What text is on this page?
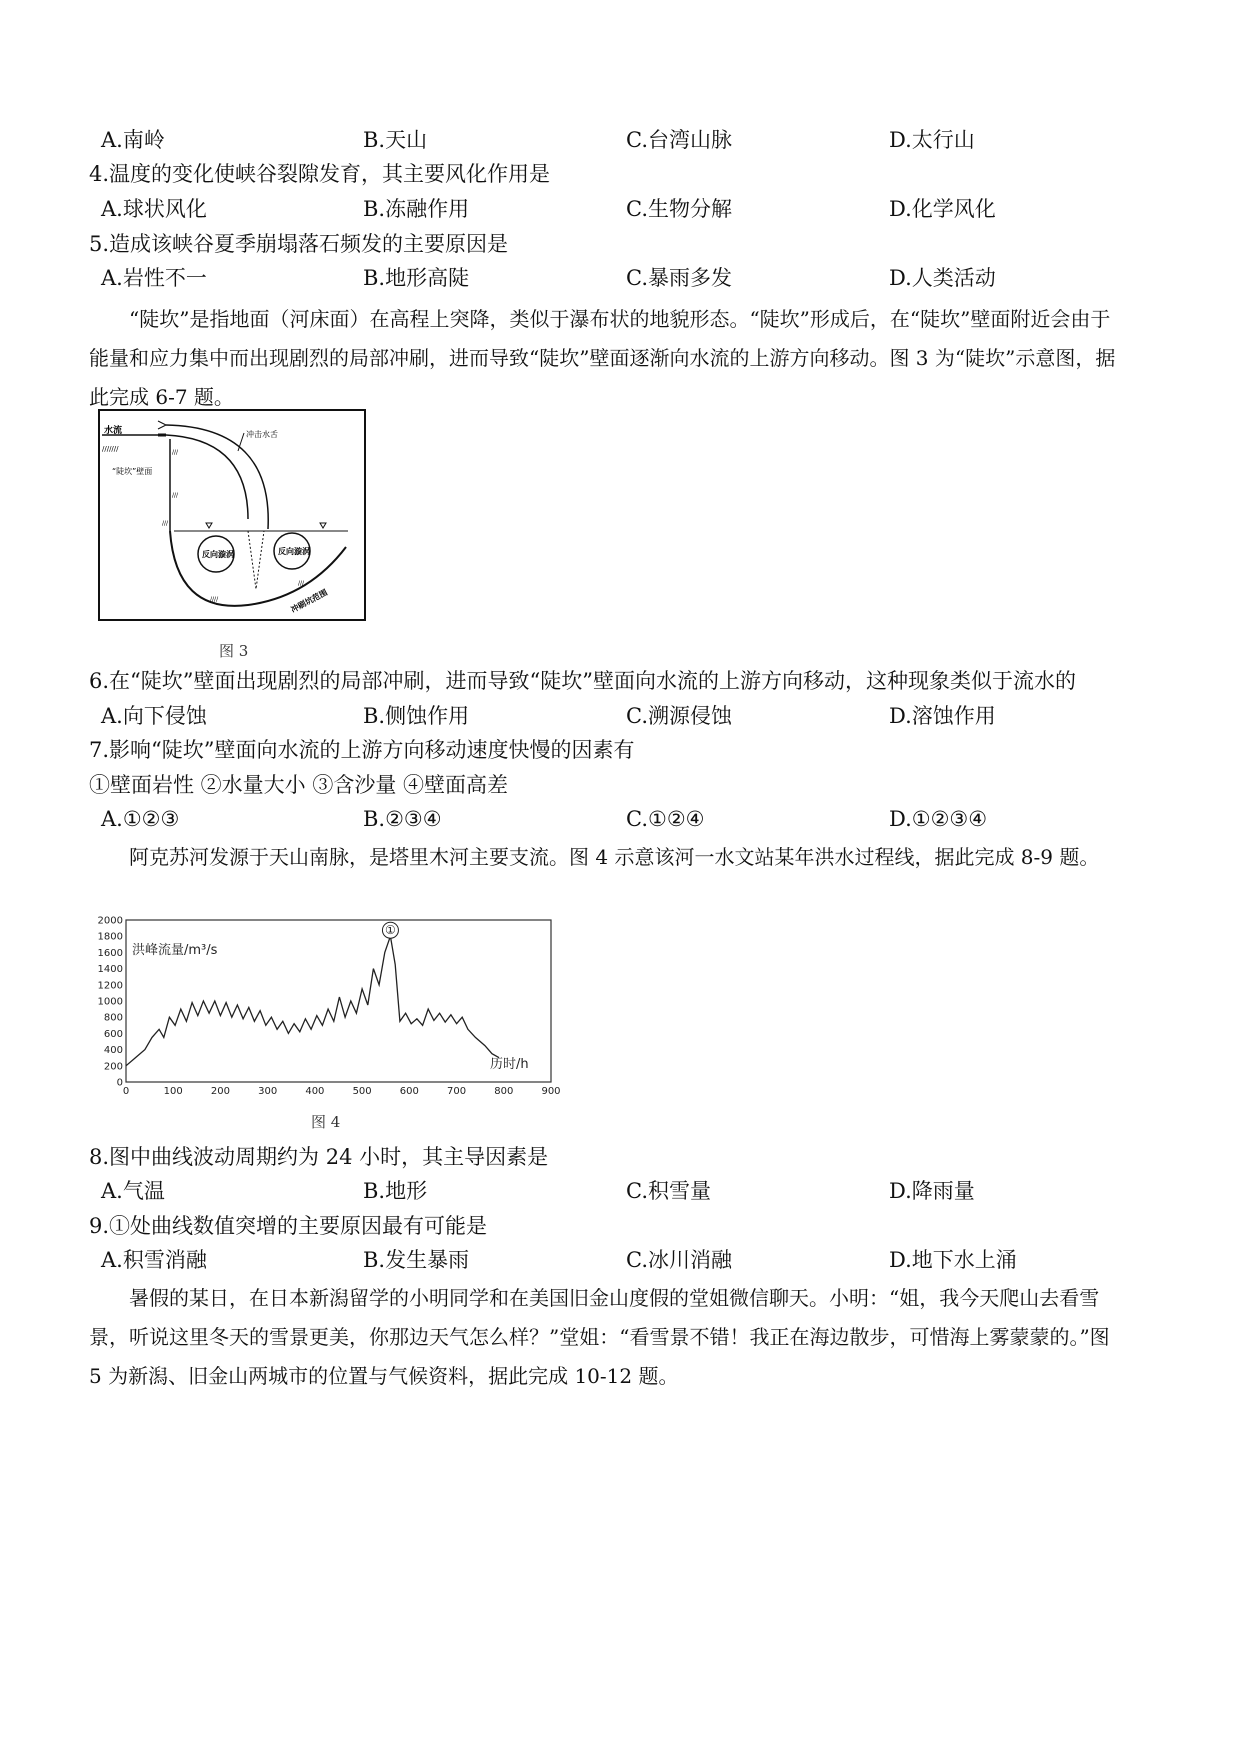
A.南岭	B.天山	C.台湾山脉	D.太行山
4.温度的变化使峡谷裂隙发育，其主要风化作用是
A.球状风化	B.冻融作用	C.生物分解	D.化学风化
5.造成该峡谷夏季崩塌落石频发的主要原因是
A.岩性不一	B.地形高陡	C.暴雨多发	D.人类活动
“陡坎”是指地面（河床面）在高程上突降，类似于瀑布状的地貌形态。“陡坎”形成后，在“陡坎”壁面附近会由于能量和应力集中而出现剧烈的局部冲刷，进而导致“陡坎”壁面逐渐向水流的上游方向移动。图 3 为“陡坎”示意图，据此完成 6-7 题。
水流
///////
冲击水舌
///
///
///
“陡坎”壁面
////
///
反向漩涡	反向漩涡
冲刷坑范围
图 3
6.在“陡坎”壁面出现剧烈的局部冲刷，进而导致“陡坎”壁面向水流的上游方向移动，这种现象类似于流水的
A.向下侵蚀	B.侧蚀作用	C.溯源侵蚀	D.溶蚀作用
7.影响“陡坎”壁面向水流的上游方向移动速度快慢的因素有
①壁面岩性 ②水量大小 ③含沙量 ④壁面高差
A.①②③	B.②③④	C.①②④	D.①②③④
阿克苏河发源于天山南脉，是塔里木河主要支流。图 4 示意该河一水文站某年洪水过程线，据此完成 8-9 题。
0
200
400
600
800
1000
1200
1400
1600
1800
2000
0	100	200	300	400	500	600	700	800	900
洪峰流量/m³/s
历时/h
①
图 4
8.图中曲线波动周期约为 24 小时，其主导因素是
A.气温	B.地形	C.积雪量	D.降雨量
9.①处曲线数值突增的主要原因最有可能是
A.积雪消融	B.发生暴雨	C.冰川消融	D.地下水上涌
暑假的某日，在日本新潟留学的小明同学和在美国旧金山度假的堂姐微信聊天。小明：“姐，我今天爬山去看雪景，听说这里冬天的雪景更美，你那边天气怎么样？”堂姐：“看雪景不错！我正在海边散步，可惜海上雾蒙蒙的。”图 5 为新潟、旧金山两城市的位置与气候资料，据此完成 10-12 题。
